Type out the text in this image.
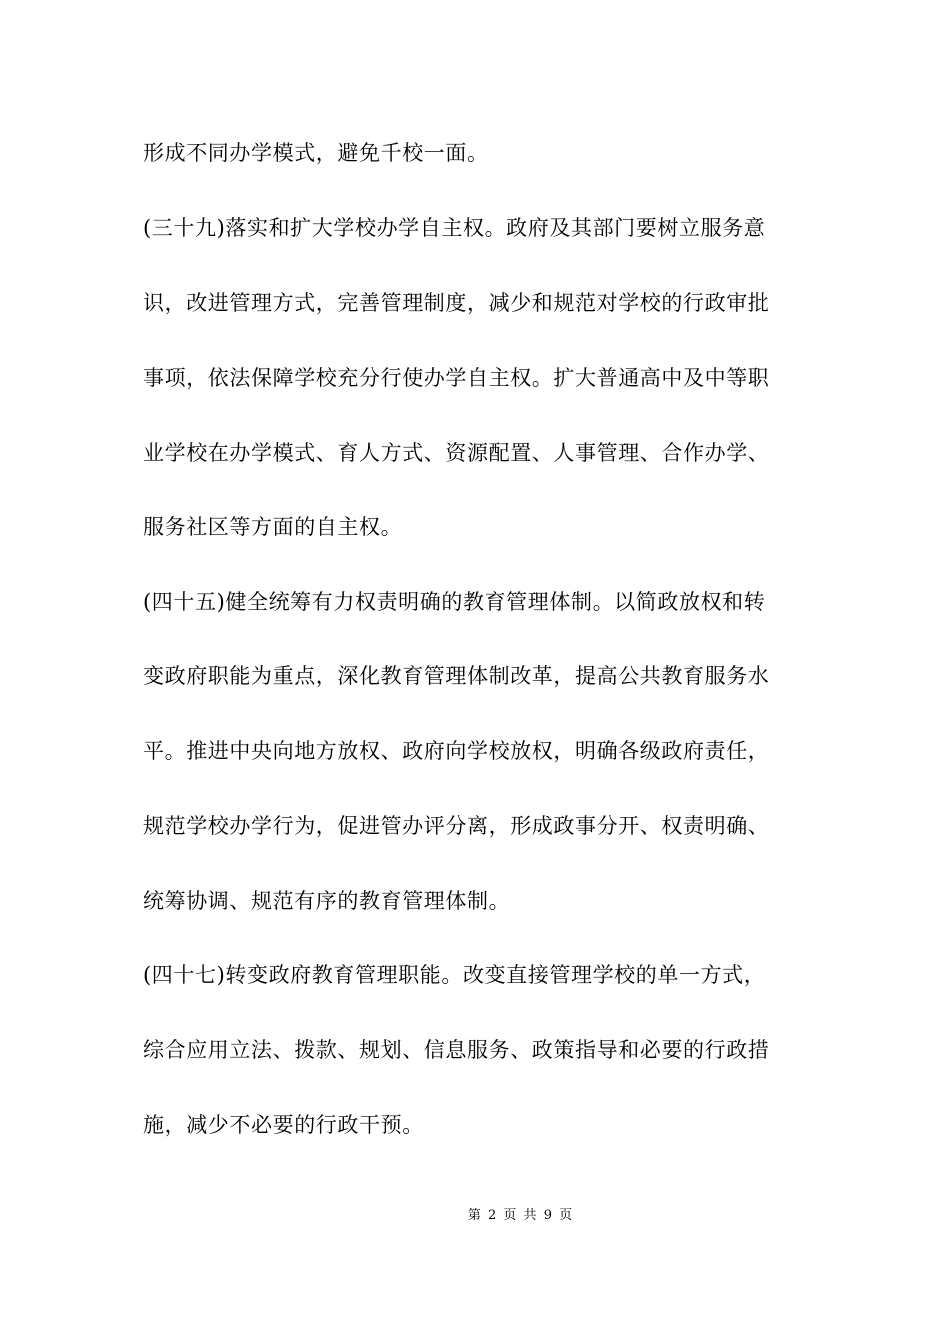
形成不同办学模式，避免千校一面。
(三十九)落实和扩大学校办学自主权。政府及其部门要树立服务意
识，改进管理方式，完善管理制度，减少和规范对学校的行政审批
事项，依法保障学校充分行使办学自主权。扩大普通高中及中等职
业学校在办学模式、育人方式、资源配置、人事管理、合作办学、
服务社区等方面的自主权。
(四十五)健全统筹有力权责明确的教育管理体制。以简政放权和转
变政府职能为重点，深化教育管理体制改革，提高公共教育服务水
平。推进中央向地方放权、政府向学校放权，明确各级政府责任，
规范学校办学行为，促进管办评分离，形成政事分开、权责明确、
统筹协调、规范有序的教育管理体制。
(四十七)转变政府教育管理职能。改变直接管理学校的单一方式，
综合应用立法、拨款、规划、信息服务、政策指导和必要的行政措
施，减少不必要的行政干预。
第 2 页 共 9 页
